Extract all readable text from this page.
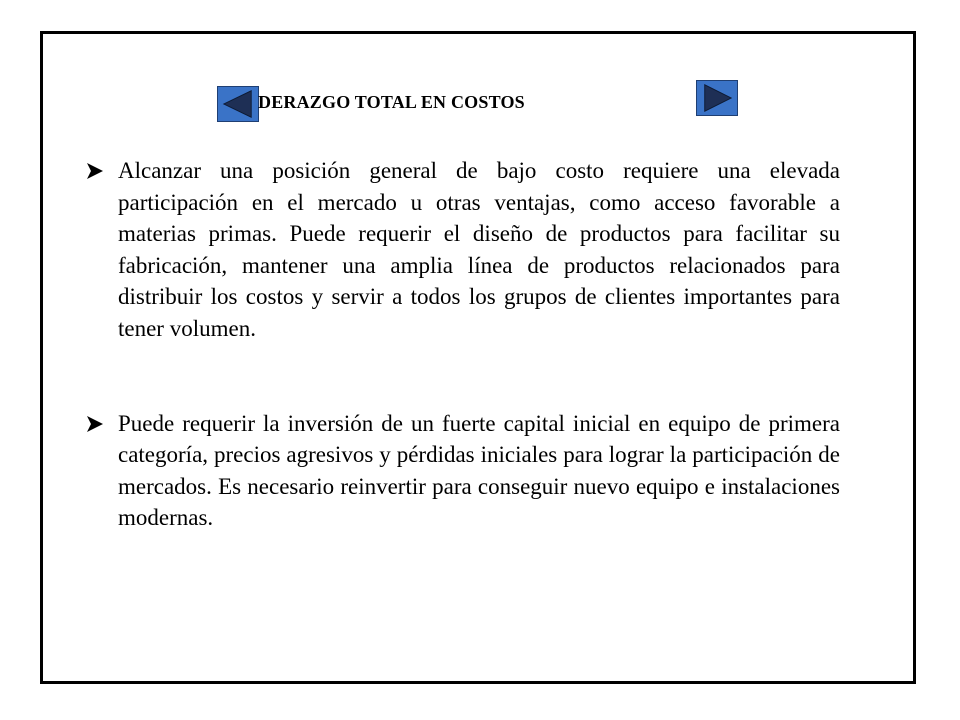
DERAZGO TOTAL EN COSTOS
Alcanzar una posición general de bajo costo requiere una elevada participación en el mercado u otras ventajas, como acceso favorable a materias primas. Puede requerir el diseño de productos para facilitar su fabricación, mantener una amplia línea de productos relacionados para distribuir los costos y servir a todos los grupos de clientes importantes para tener volumen.
Puede requerir la inversión de un fuerte capital inicial en equipo de primera categoría, precios agresivos y pérdidas iniciales para lograr la participación de mercados. Es necesario reinvertir para conseguir nuevo equipo e instalaciones modernas.
